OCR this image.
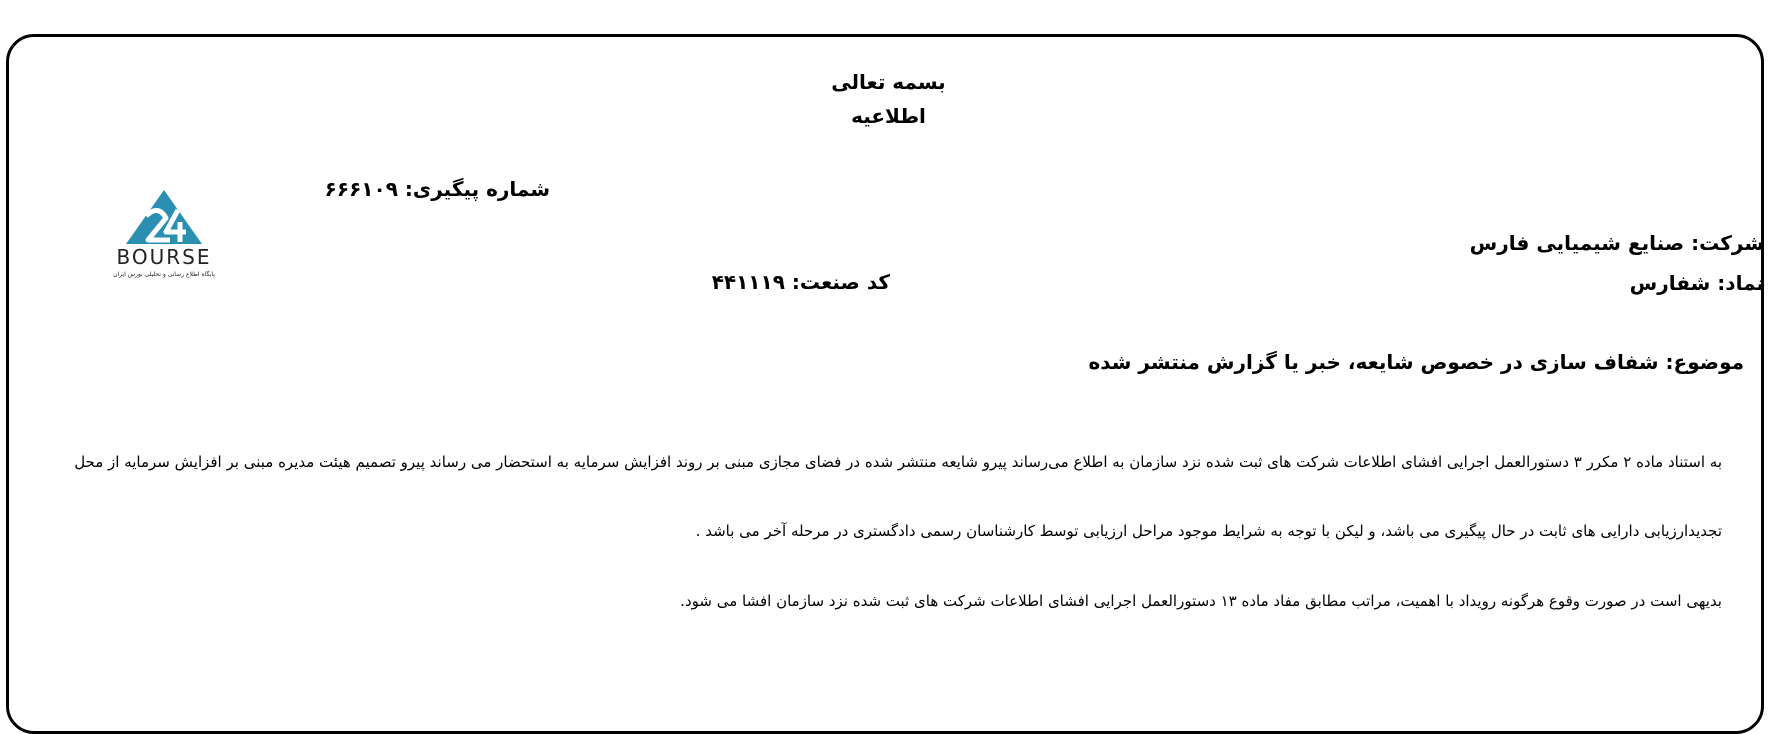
بسمه تعالی
اطلاعیه
شماره پیگیری: ۶۶۶۱۰۹
کد صنعت: ۴۴۱۱۱۹
شرکت: صنایع شیمیایی فارس
نماد: شفارس
موضوع: شفاف سازی در خصوص شایعه، خبر یا گزارش منتشر شده
به استناد ماده ۲ مکرر ۳ دستورالعمل اجرایی افشای اطلاعات شرکت های ثبت شده نزد سازمان به اطلاع می‌رساند پیرو شایعه منتشر شده در فضای مجازی مبنی بر روند افزایش سرمایه به استحضار می رساند پیرو تصمیم هیئت مدیره مبنی بر افزایش سرمایه از محل
تجدیدارزیابی دارایی های ثابت در حال پیگیری می باشد، و لیکن با توجه به شرایط موجود مراحل ارزیابی توسط کارشناسان رسمی دادگستری در مرحله آخر می باشد .
بدیهی است در صورت وقوع هرگونه رویداد با اهمیت، مراتب مطابق مفاد ماده ۱۳ دستورالعمل اجرایی افشای اطلاعات شرکت های ثبت شده نزد سازمان افشا می شود.
BOURSE
پایگاه اطلاع رسانی و تحلیلی بورس ایران
